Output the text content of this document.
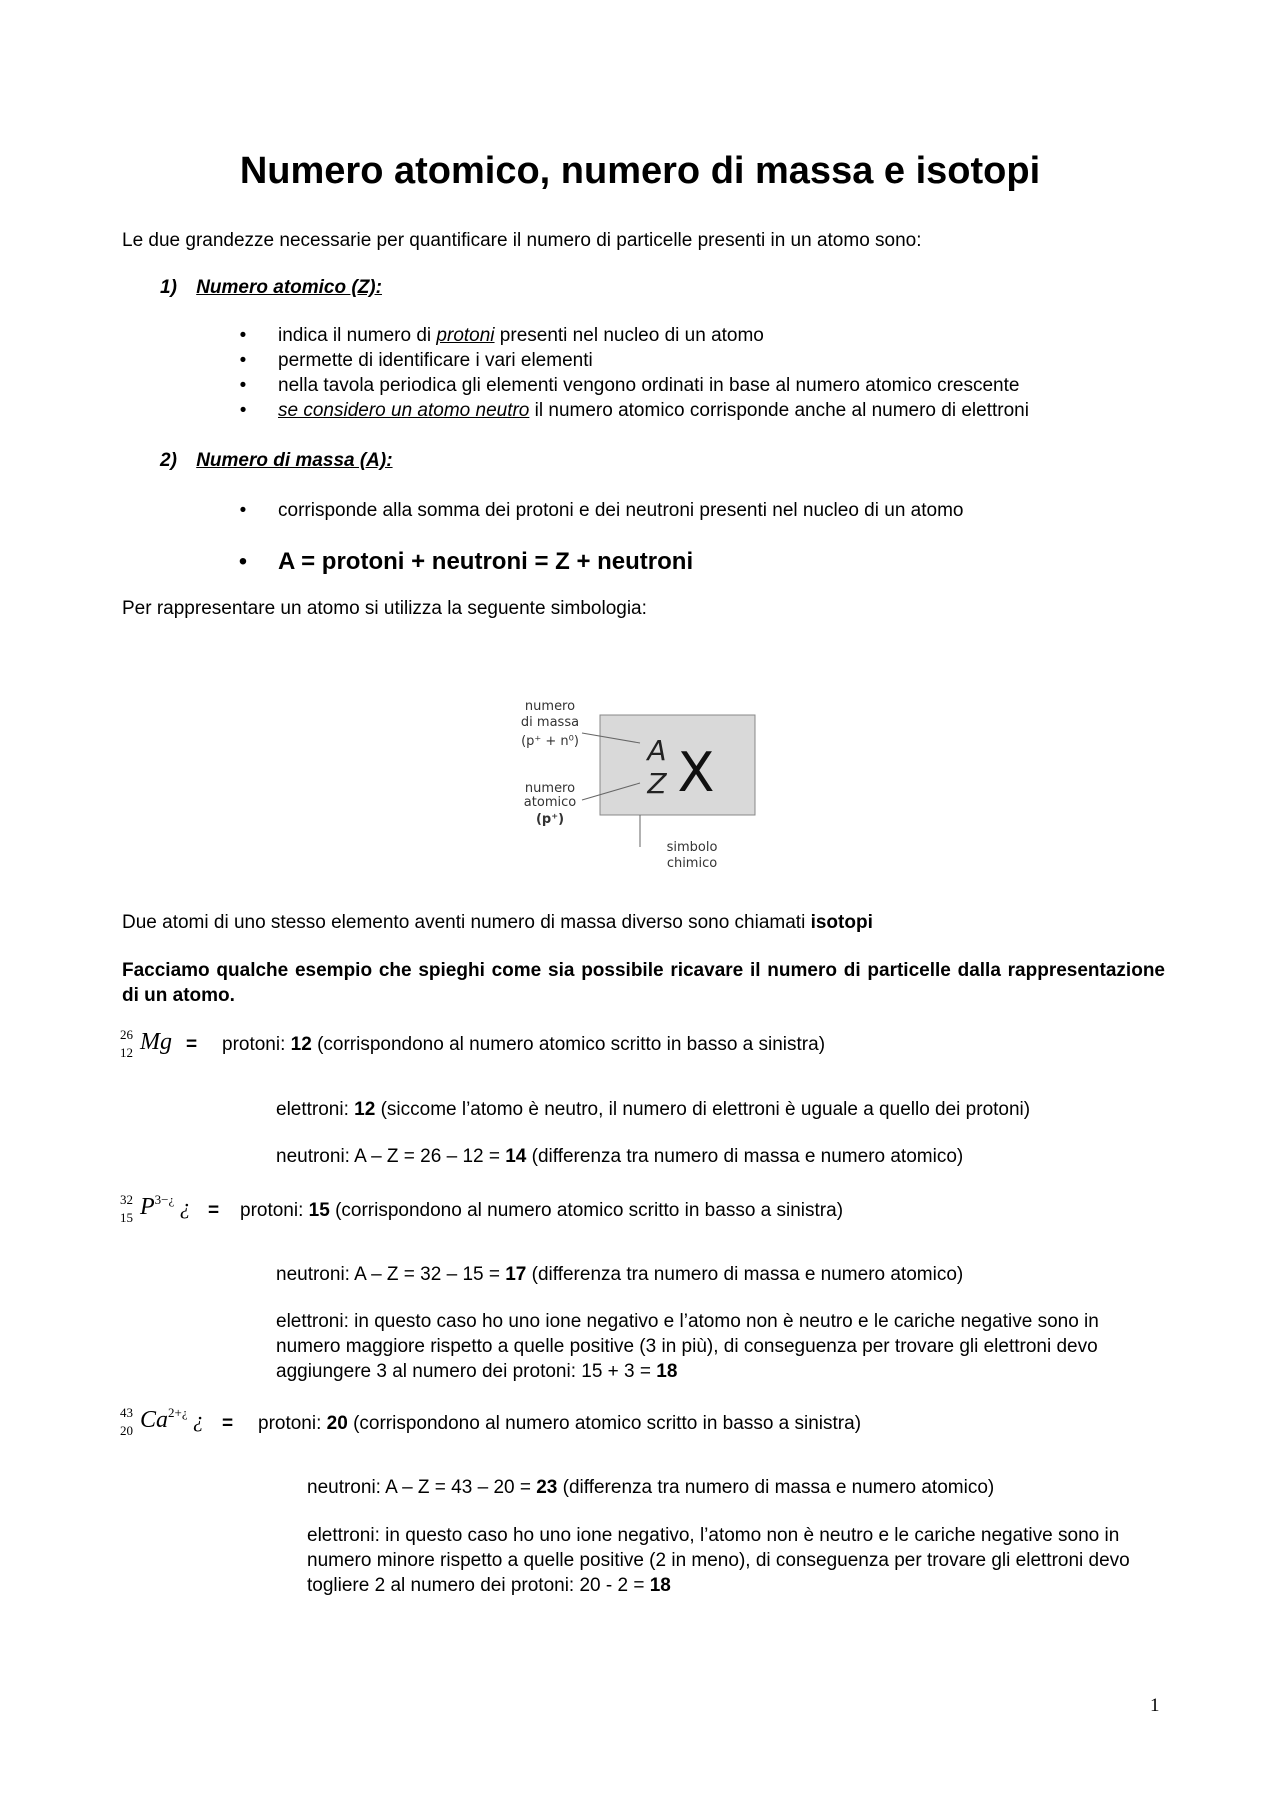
Numero atomico, numero di massa e isotopi
Le due grandezze necessarie per quantificare il numero di particelle presenti in un atomo sono:
1) Numero atomico (Z):
• indica il numero di protoni presenti nel nucleo di un atomo
• permette di identificare i vari elementi
• nella tavola periodica gli elementi vengono ordinati in base al numero atomico crescente
• se considero un atomo neutro il numero atomico corrisponde anche al numero di elettroni
2) Numero di massa (A):
• corrisponde alla somma dei protoni e dei neutroni presenti nel nucleo di un atomo
• A = protoni + neutroni = Z + neutroni
Per rappresentare un atomo si utilizza la seguente simbologia:
numero
di massa
(p⁺ + n⁰)
numero
atomico
(p⁺)
A
Z X
simbolo
chimico
Due atomi di uno stesso elemento aventi numero di massa diverso sono chiamati isotopi
Facciamo qualche esempio che spieghi come sia possibile ricavare il numero di particelle dalla rappresentazione di un atomo.
26
12 Mg = protoni: 12 (corrispondono al numero atomico scritto in basso a sinistra)
elettroni: 12 (siccome l’atomo è neutro, il numero di elettroni è uguale a quello dei protoni)
neutroni: A – Z = 26 – 12 = 14 (differenza tra numero di massa e numero atomico)
32
15 $P^{3-¿}$ ¿ = protoni: 15 (corrispondono al numero atomico scritto in basso a sinistra)
neutroni: A – Z = 32 – 15 = 17 (differenza tra numero di massa e numero atomico)
elettroni: in questo caso ho uno ione negativo e l’atomo non è neutro e le cariche negative sono in numero maggiore rispetto a quelle positive (3 in più), di conseguenza per trovare gli elettroni devo aggiungere 3 al numero dei protoni: 15 + 3 = 18
43
20 $Ca^{2+¿}$ ¿ = protoni: 20 (corrispondono al numero atomico scritto in basso a sinistra)
neutroni: A – Z = 43 – 20 = 23 (differenza tra numero di massa e numero atomico)
elettroni: in questo caso ho uno ione negativo, l’atomo non è neutro e le cariche negative sono in numero minore rispetto a quelle positive (2 in meno), di conseguenza per trovare gli elettroni devo togliere 2 al numero dei protoni: 20 - 2 = 18
1
